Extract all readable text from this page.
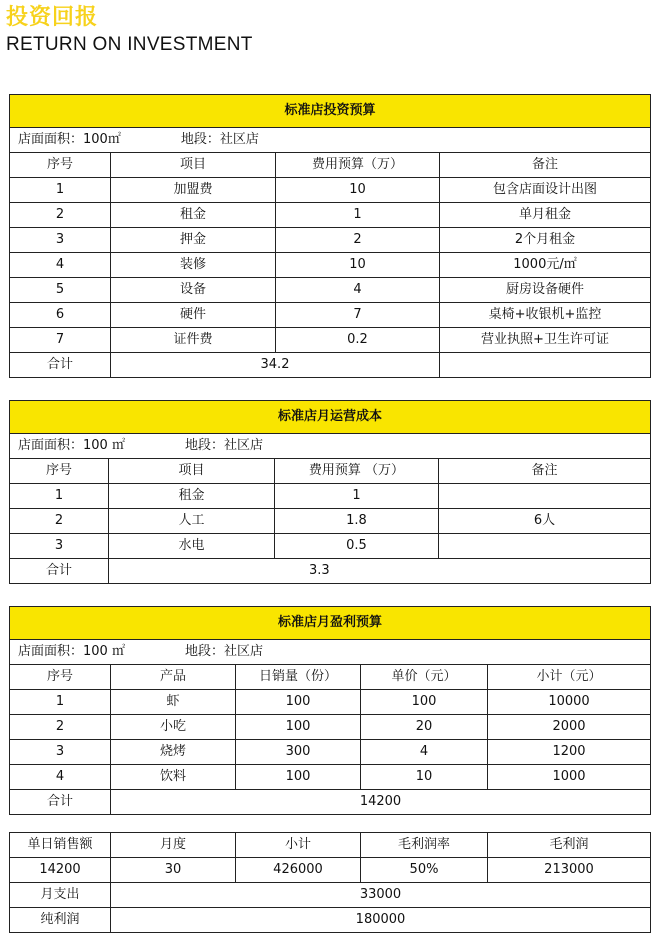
投资回报
RETURN ON INVESTMENT
标准店投资预算			
店面面积：100㎡ 地段：社区店			
序号	项目	费用预算（万）	备注
1	加盟费	10	包含店面设计出图
2	租金	1	单月租金
3	押金	2	2个月租金
4	装修	10	1000元/㎡
5	设备	4	厨房设备硬件
6	硬件	7	桌椅+收银机+监控
7	证件费	0.2	营业执照+卫生许可证
合计	34.2		
标准店月运营成本			
店面面积：100 ㎡ 地段：社区店			
序号	项目	费用预算 （万）	备注
1	租金	1	
2	人工	1.8	6人
3	水电	0.5	
合计	3.3		
标准店月盈利预算				
店面面积：100 ㎡ 地段：社区店				
序号	产品	日销量（份）	单价（元）	小计（元）
1	虾	100	100	10000
2	小吃	100	20	2000
3	烧烤	300	4	1200
4	饮料	100	10	1000
合计	14200			
单日销售额	月度	小计	毛利润率	毛利润
14200	30	426000	50%	213000
月支出	33000			
纯利润	180000			
